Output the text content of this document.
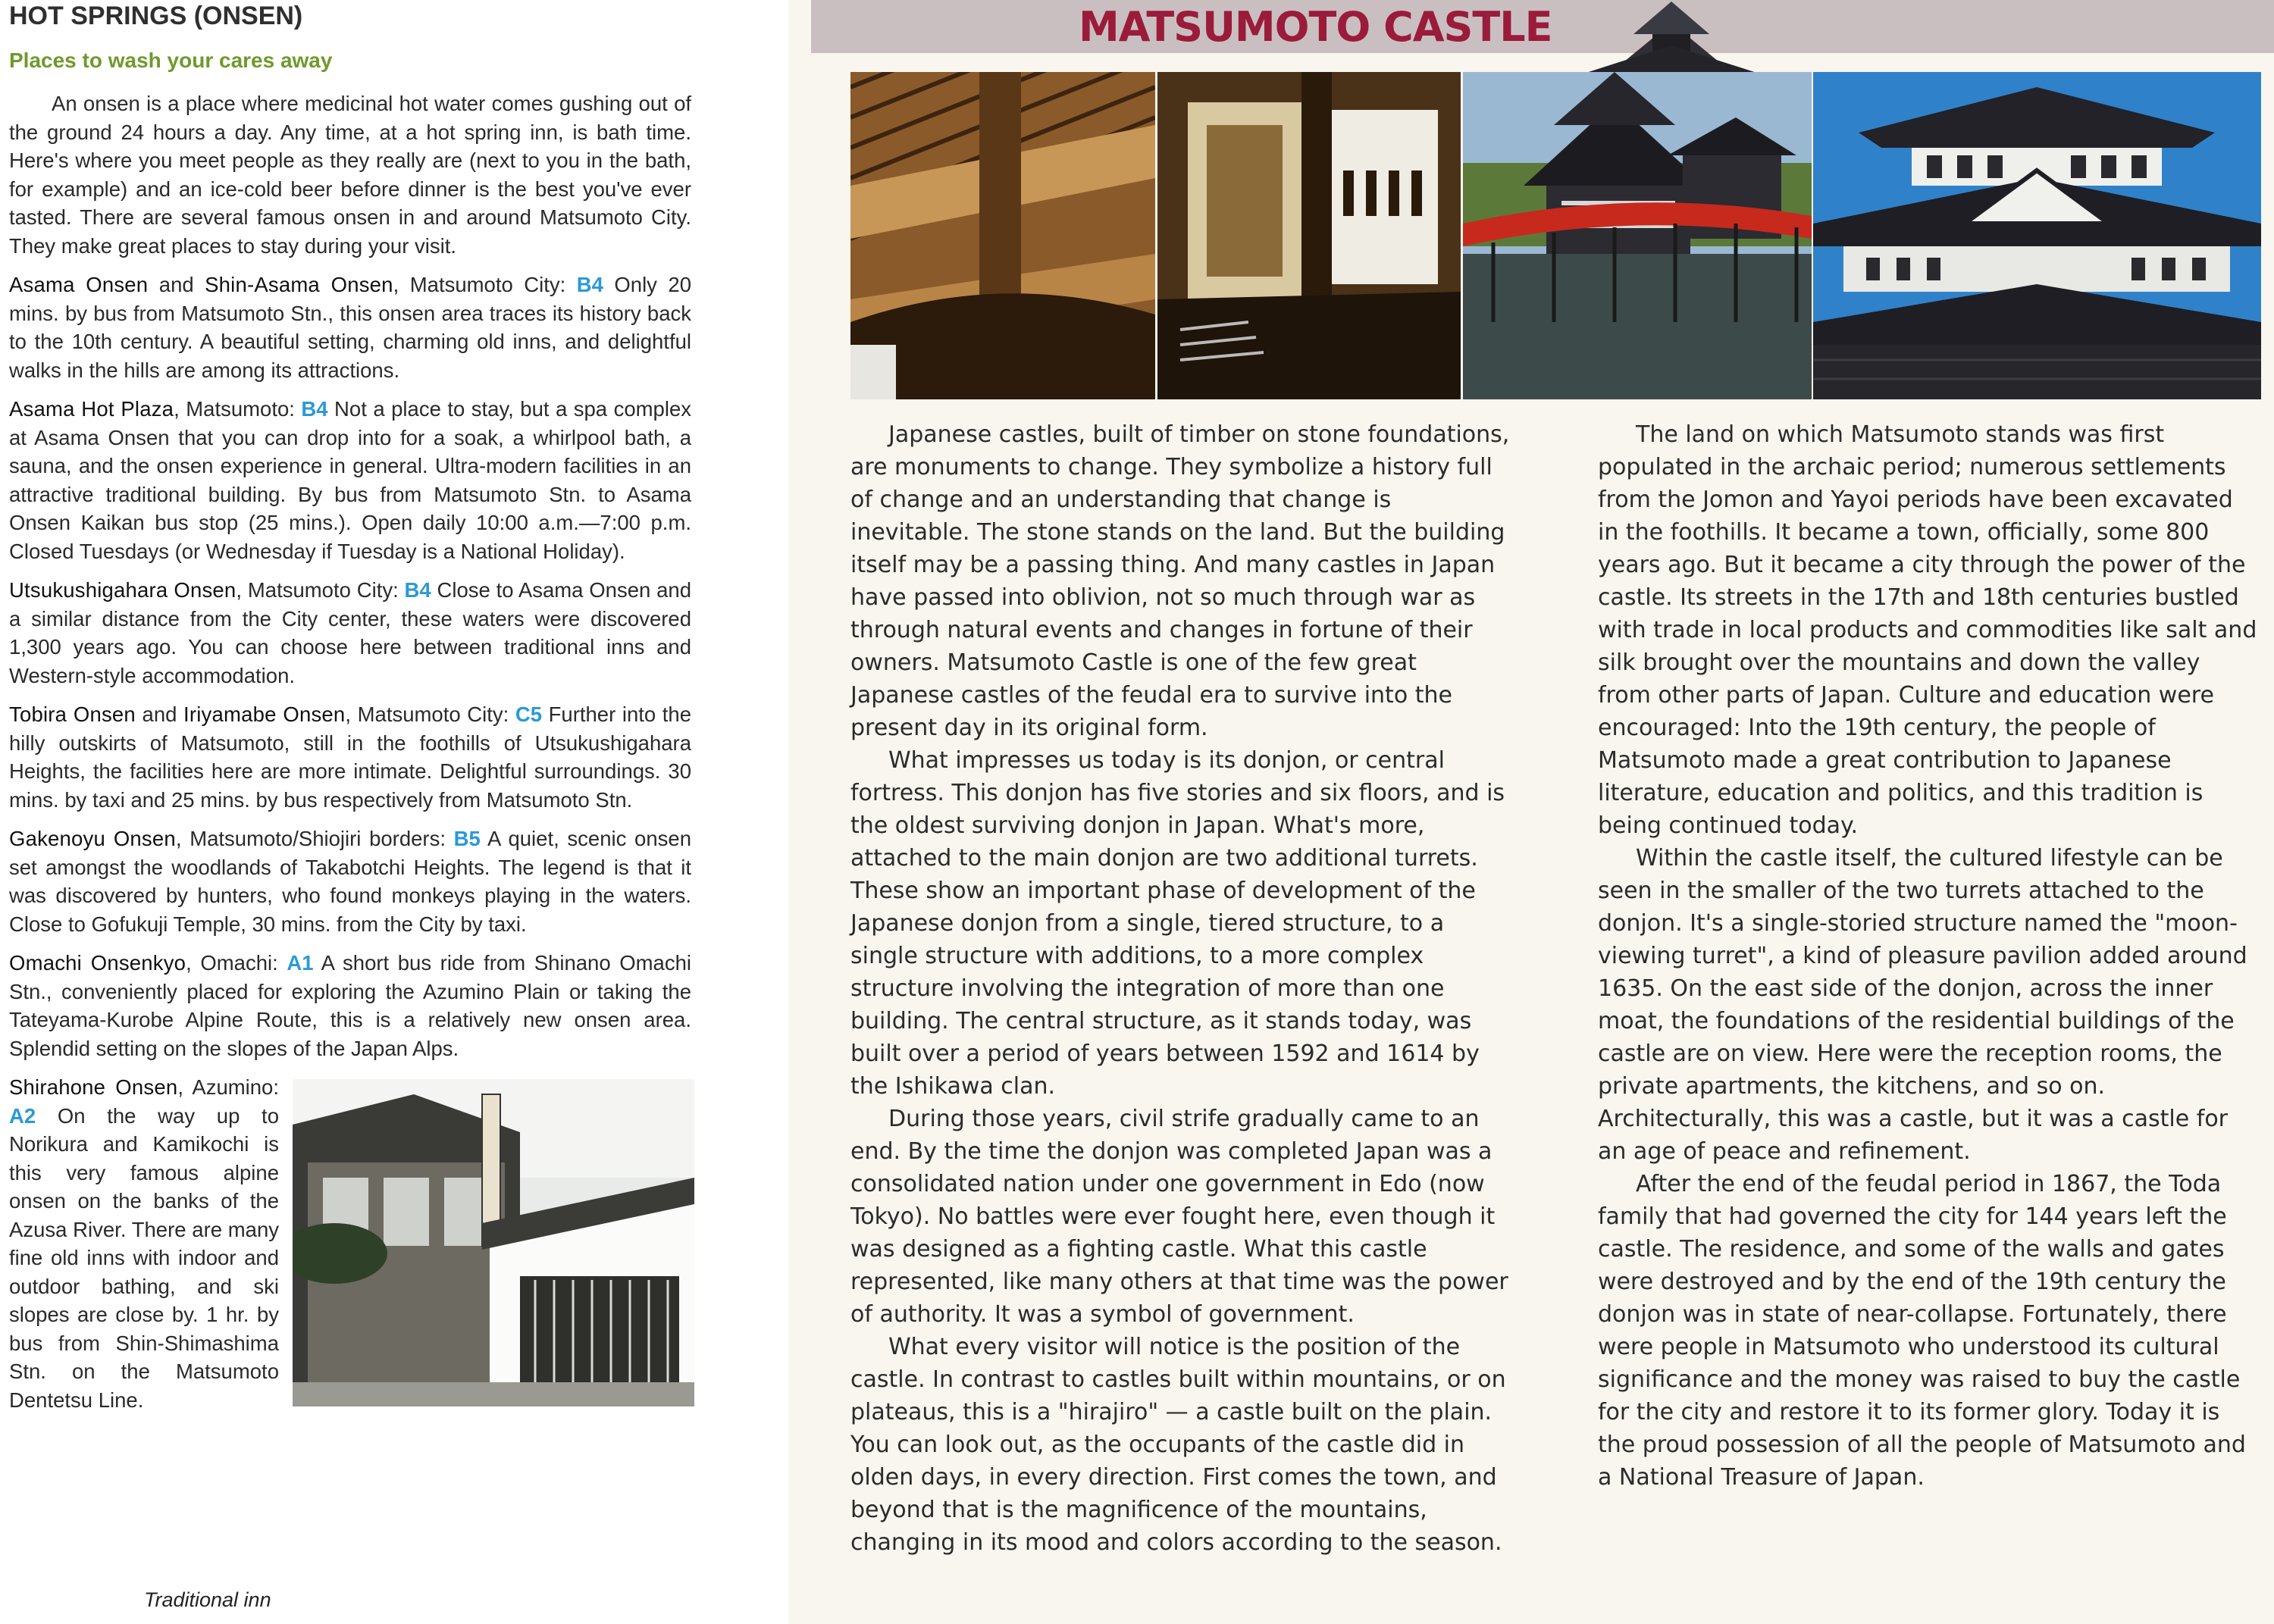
HOT SPRINGS (ONSEN)
Places to wash your cares away

An onsen is a place where medicinal hot water comes gushing out of the ground 24 hours a day. Any time, at a hot spring inn, is bath time. Here's where you meet people as they really are (next to you in the bath, for example) and an ice-cold beer before dinner is the best you've ever tasted. There are several famous onsen in and around Matsumoto City. They make great places to stay during your visit.

Asama Onsen and Shin-Asama Onsen, Matsumoto City: B4 Only 20 mins. by bus from Matsumoto Stn., this onsen area traces its history back to the 10th century. A beautiful setting, charming old inns, and delightful walks in the hills are among its attractions.

Asama Hot Plaza, Matsumoto: B4 Not a place to stay, but a spa complex at Asama Onsen that you can drop into for a soak, a whirlpool bath, a sauna, and the onsen experience in general. Ultra-modern facilities in an attractive traditional building. By bus from Matsumoto Stn. to Asama Onsen Kaikan bus stop (25 mins.). Open daily 10:00 a.m.—7:00 p.m. Closed Tuesdays (or Wednesday if Tuesday is a National Holiday).

Utsukushigahara Onsen, Matsumoto City: B4 Close to Asama Onsen and a similar distance from the City center, these waters were discovered 1,300 years ago. You can choose here between traditional inns and Western-style accommodation.

Tobira Onsen and Iriyamabe Onsen, Matsumoto City: C5 Further into the hilly outskirts of Matsumoto, still in the foothills of Utsukushigahara Heights, the facilities here are more intimate. Delightful surroundings. 30 mins. by taxi and 25 mins. by bus respectively from Matsumoto Stn.

Gakenoyu Onsen, Matsumoto/Shiojiri borders: B5 A quiet, scenic onsen set amongst the woodlands of Takabotchi Heights. The legend is that it was discovered by hunters, who found monkeys playing in the waters. Close to Gofukuji Temple, 30 mins. from the City by taxi.

Omachi Onsenkyo, Omachi: A1 A short bus ride from Shinano Omachi Stn., conveniently placed for exploring the Azumino Plain or taking the Tateyama-Kurobe Alpine Route, this is a relatively new onsen area. Splendid setting on the slopes of the Japan Alps.

Shirahone Onsen, Azumino: A2 On the way up to Norikura and Kamikochi is this very famous alpine onsen on the banks of the Azusa River. There are many fine old inns with indoor and outdoor bathing, and ski slopes are close by. 1 hr. by bus from Shin-Shimashima Stn. on the Matsumoto Dentetsu Line.

Traditional inn
MATSUMOTO CASTLE

Japanese castles, built of timber on stone foundations, are monuments to change. They symbolize a history full of change and an understanding that change is inevitable. The stone stands on the land. But the building itself may be a passing thing. And many castles in Japan have passed into oblivion, not so much through war as through natural events and changes in fortune of their owners. Matsumoto Castle is one of the few great Japanese castles of the feudal era to survive into the present day in its original form.

What impresses us today is its donjon, or central fortress. This donjon has five stories and six floors, and is the oldest surviving donjon in Japan. What's more, attached to the main donjon are two additional turrets. These show an important phase of development of the Japanese donjon from a single, tiered structure, to a single structure with additions, to a more complex structure involving the integration of more than one building. The central structure, as it stands today, was built over a period of years between 1592 and 1614 by the Ishikawa clan.

During those years, civil strife gradually came to an end. By the time the donjon was completed Japan was a consolidated nation under one government in Edo (now Tokyo). No battles were ever fought here, even though it was designed as a fighting castle. What this castle represented, like many others at that time was the power of authority. It was a symbol of government.

What every visitor will notice is the position of the castle. In contrast to castles built within mountains, or on plateaus, this is a "hirajiro" — a castle built on the plain. You can look out, as the occupants of the castle did in olden days, in every direction. First comes the town, and beyond that is the magnificence of the mountains, changing in its mood and colors according to the season.

The land on which Matsumoto stands was first populated in the archaic period; numerous settlements from the Jomon and Yayoi periods have been excavated in the foothills. It became a town, officially, some 800 years ago. But it became a city through the power of the castle. Its streets in the 17th and 18th centuries bustled with trade in local products and commodities like salt and silk brought over the mountains and down the valley from other parts of Japan. Culture and education were encouraged: Into the 19th century, the people of Matsumoto made a great contribution to Japanese literature, education and politics, and this tradition is being continued today.

Within the castle itself, the cultured lifestyle can be seen in the smaller of the two turrets attached to the donjon. It's a single-storied structure named the "moon-viewing turret", a kind of pleasure pavilion added around 1635. On the east side of the donjon, across the inner moat, the foundations of the residential buildings of the castle are on view. Here were the reception rooms, the private apartments, the kitchens, and so on. Architecturally, this was a castle, but it was a castle for an age of peace and refinement.

After the end of the feudal period in 1867, the Toda family that had governed the city for 144 years left the castle. The residence, and some of the walls and gates were destroyed and by the end of the 19th century the donjon was in state of near-collapse. Fortunately, there were people in Matsumoto who understood its cultural significance and the money was raised to buy the castle for the city and restore it to its former glory. Today it is the proud possession of all the people of Matsumoto and a National Treasure of Japan.
